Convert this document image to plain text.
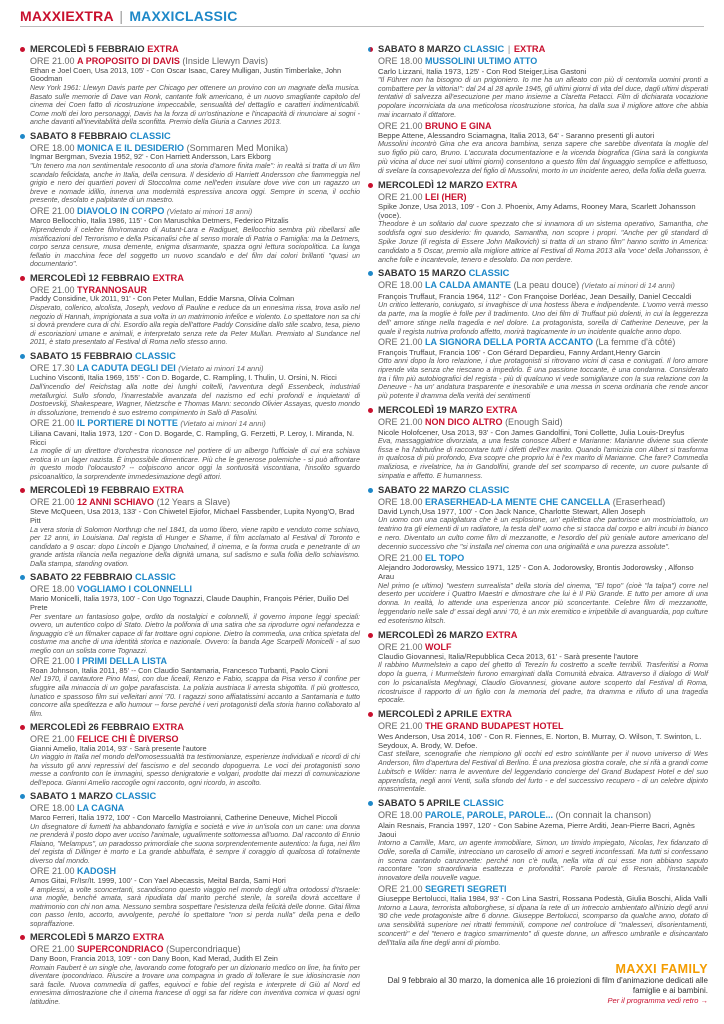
MAXXIEXTRA | MAXXICLASSIC
MERCOLEDÌ 5 FEBBRAIO EXTRA
ORE 21.00 A PROPOSITO DI DAVIS (Inside Llewyn Davis)
Ethan e Joel Coen, Usa 2013, 105' - Con Oscar Isaac, Carey Mulligan, Justin Timberlake, John Goodman
New York 1961: Llewyn Davis parte per Chicago per ottenere un provino con un magnate della musica. Basato sulle memorie di Dave van Ronk, cantante folk americano, è un nuovo smagliante capitolo del cinema dei Coen fatto di ricostruzione impeccabile, sensualità del dettaglio e caratteri indimenticabili. Come molti dei loro personaggi, Davis ha la forza di un'ostinazione e l'incapacità di rinunciare ai sogni - anche davanti all'inevitabilità della sconfitta. Premio della Giuria a Cannes 2013.
SABATO 8 FEBBRAIO CLASSIC
ORE 18.00 MONICA E IL DESIDERIO (Sommaren Med Monika)
Ingmar Bergman, Svezia 1952, 92' - Con Harriett Andersson, Lars Ekborg
"Un tenero ma non sentimentale resoconto di una storia d'amore finita male": in realtà si tratta di un film scandalo felicidata, anche in Italia, della censura. Il desiderio di Harriett Andersson che fiammeggia nel grigio e nero dei quartieri poveri di Stoccolma come nell'eden insulare dove vive con un ragazzo un breve e nomade idillio, innerva una modernità espressiva ancora oggi. Sempre in scena, il occhio presente, desolato e palpitante di un maestro.
ORE 21.00 DIAVOLO IN CORPO (Vietato ai minori 18 anni)
Marco Bellocchio, Italia 1986, 115' - Con Maruschka Detmers, Federico Pitzalis
Riprendendo il celebre film/romanzo di Autant-Lara e Radiguet, Bellocchio sembra più ribellarsi alle mistificazioni del Terrorismo e della Psicanalisi che al senso morale di Patria o Famiglia: ma la Detmers, corpo senza censure, musa demente, enigma disarmante, spazza ogni lettura sociopolitica. La lunga fellatio in macchina fece del soggetto un nuovo scandalo e del film dai colori brillanti "quasi un documentario".
MERCOLEDÌ 12 FEBBRAIO EXTRA
ORE 21.00 TYRANNOSAUR
Paddy Considine, Uk 2011, 91' - Con Peter Mullan, Eddie Marsna, Olivia Colman
Disperato, collerico, alcolista, Joseph, vedovo di Pauline e reduce da un ennesima rissa, trova asilo nel negozio di Hannah, imprigionata a sua volta in un matrimonio infelice e violento. Lo spettatore non sa chi si dovrà prendere cura di chi. Esordio alla regia dell'attore Paddy Considine dallo stile scabro, tesa, pieno di escoriazioni umane e animali, e interpretato senza rete da Peter Mullan. Premiato al Sundance nel 2011, è stato presentato al Festival di Roma nello stesso anno.
SABATO 15 FEBBRAIO CLASSIC
ORE 17.30 LA CADUTA DEGLI DEI (Vietato ai minori 14 anni)
Luchino Visconti, Italia 1969, 155' - Con D. Bogarde, C. Rampling, I. Thulin, U. Orsini, N. Ricci
Dall'incendio del Reichstag alla notte dei lunghi coltelli, l'avventura degli Essenbeck, industriali metallurgici. Sullo sfondo, l'inarrestabile avanzata del nazismo ed echi profondi e inquietanti di Dostoevskij, Shakespeare, Wagner, Nietzsche e Thomas Mann: secondo Olivier Assayas, questo mondo in dissoluzione, tremendo è suo estremo compimento in Salò di Pasolini.
ORE 21.00 IL PORTIERE DI NOTTE (Vietato ai minori 14 anni)
Liliana Cavani, Italia 1973, 120' - Con D. Bogarde, C. Rampling, G. Ferzetti, P. Leroy, I. Miranda, N. Ricci
La moglie di un direttore d'orchestra riconosce nel portiere di un albergo l'ufficiale di cui era schiava erotica in un lager nazista. È impossibile dimenticare. Più che le generose polemiche - si può affrontare in questo modo l'olocausto? -- colpiscono ancor oggi la sontuosità viscontiana, l'insolito sguardo psicoanalitico, la sorprendente immedesimazione degli attori.
MERCOLEDÌ 19 FEBBRAIO EXTRA
ORE 21.00 12 ANNI SCHIAVO (12 Years a Slave)
Steve McQueen, Usa 2013, 133' - Con Chiwetel Ejiofor, Michael Fassbender, Lupita Nyong'O, Brad Pitt
La vera storia di Solomon Northrup che nel 1841, da uomo libero, viene rapito e venduto come schiavo, per 12 anni, in Louisiana. Dal regista di Hunger e Shame, il film acclamato al Festival di Toronto e candidato a 9 oscar: dopo Lincoln e Django Unchained, il cinema, e la forma cruda e penetrante di un grande artista rilancia nella negazione della dignità umana, sul sadismo e sulla follia dello schiavismo. Dalla stampa, standing ovation.
SABATO 22 FEBBRAIO CLASSIC
ORE 18.00 VOGLIAMO I COLONNELLI
Mario Monicelli, Italia 1973, 100' - Con Ugo Tognazzi, Claude Dauphin, François Périer, Duilio Del Prete
Per sventare un fantasioso golpe, ordito da nostalgici e colonnelli, il governo impone leggi speciali: ovvero, un autentico colpo di Stato. Dietro la polifonia di una satira che sa riprodurre ogni nefandezza e linguaggio c'è un filmaker capace di far trottare ogni copione. Dietro la commedia, una critica spietata del costume ma anche di una identità storica e nazionale. Ovvero: la banda Age Scarpelli Monicelli - al suo meglio con un solista come Tognazzi.
ORE 21.00 I PRIMI DELLA LISTA
Roan Johnson, Italia 2011, 85' -- Con Claudio Santamaria, Francesco Turbanti, Paolo Cioni
Nel 1970, il cantautore Pino Masi, con due liceali, Renzo e Fabio, scappa da Pisa verso il confine per sfuggire alla minaccia di un golpe parafascista. La polizia austriaca li arresta sbigottita. Il più grottesco, lunatico e spassoso film sui velleitari anni '70. I ragazzi sono affiatatissimi accanto a Santamaria e tutto concorre alla speditezza e allo humour -- forse perché i veri protagonisti della storia hanno collaborato al film.
MERCOLEDÌ 26 FEBBRAIO EXTRA
ORE 21.00 FELICE CHI È DIVERSO
Gianni Amelio, Italia 2014, 93' - Sarà presente l'autore
Un viaggio in Italia nel mondo dell'omosessualità tra testimonianze, esperienze individuali e ricordi di chi ha vissuto gli anni repressivi del fascismo e del secondo dopoguerra. Le voci dei protagonisti sono messe a confronto con le immagini, spesso denigratorie e volgari, prodotte dai mezzi di comunicazione dell'epoca. Gianni Amelio raccoglie ogni racconto, ogni ricordo, in ascolto.
SABATO 1 MARZO CLASSIC
ORE 18.00 LA CAGNA
Marco Ferreri, Italia 1972, 100' - Con Marcello Mastroianni, Catherine Deneuve, Michel Piccoli
Un disegnatore di fumetti ha abbandonato famiglia e società e vive in un'isola con un cane: una donna ne prenderà il posto dopo aver ucciso l'animale, ugualimente sottomessa all'uomo. Dal racconto di Ennio Flaiano, "Melampus", un paradosso primordiale che suona sorprendentemente autentico: la fuga, nei film del regista di Dillinger è morto e La grande abbuffata, è sempre il coraggio di qualcosa di totalmente diverso dal mondo.
ORE 21.00 KADOSH
Amos Gitai, Fr/Isr/It. 1999, 100' - Con Yael Abecassis, Meital Barda, Sami Hori
4 amplessi, a volte sconcertanti, scandiscono questo viaggio nel mondo degli ultra ortodossi d'Israele: una moglie, benché amata, sarà ripudiata dal marito perché sterile, la sorella dovrà accettare il matrimonio con chi non ama. Nessuno sembra sospettare l'esistenza della felicità delle donne. Gitai filma con passo lento, accorto, avvolgente, perché lo spettatore "non si perda nulla" della pena e dello sopraffazione.
MERCOLEDÌ 5 MARZO EXTRA
ORE 21.00 SUPERCONDRIACO (Supercondriaque)
Dany Boon, Francia 2013, 109' - con Dany Boon, Kad Merad, Judith El Zein
Romain Faubert è un single che, lavorando come fotografo per un dizionario medico on line, ha finito per diventare ipocondriaco. Riuscire a trovare una compagna in grado di tollerare le sue idiosincrasie non sarà facile. Nuova commedia di gaffes, equivoci e fobie del regista e interprete di Giù al Nord ed ennesima dimostrazione che il cinema francese di oggi sa far ridere con inventiva comica vi quasi ogni latitudine.
SABATO 8 MARZO CLASSIC | EXTRA
ORE 18.00 MUSSOLINI ULTIMO ATTO
Carlo Lizzani, Italia 1973, 125' - Con Rod Steiger,Lisa Gastoni
"Il Führer non ha bisogno di un prigioniero. Io me ha un alleato con più di centomila uomini pronti a combattere per la vittoria!": dal 24 al 28 aprile 1945, gli ultimi giorni di vita del duce, dagli ultimi disperati tentativi di salvezza all'esecuzione per mano insieme a Claretta Petacci. Film di dichiarata vocazione popolare incorniciata da una meticolosa ricostruzione storica, ha dalla sua il migliore attore che abbia mai incarnato il dittatore.
ORE 21.00 BRUNO E GINA
Beppe Attene, Alessandro Sciamagna, Italia 2013, 64' - Saranno presenti gli autori
Mussolini incontrò Gina che era ancora bambina, senza sapere che sarebbe diventata la moglie del suo figlio più caro, Bruno. L'accurata documentazione e la vicenda biografica (Gina sarà la congiunta più vicina al duce nei suoi ultimi giorni) consentono a questo film dal linguaggio semplice e affettuoso, di svelare la consapevolezza del figlio di Mussolini, morto in un incidente aereo, della follia della guerra.
MERCOLEDÌ 12 MARZO EXTRA
ORE 21.00 LEI (HER)
Spike Jonze, Usa 2013, 109' - Con J. Phoenix, Amy Adams, Rooney Mara, Scarlett Johansson (voce).
Theodore è un solitario dal cuore spezzato che si innamora di un sistema operativo, Samantha, che soddisfa ogni suo desiderio: fin quando, Samantha, non scopre i propri. "Anche per gli standard di Spike Jonze (il regista di Essere John Malkovich) si tratta di un strano film" hanno scritto in America: candidato a 5 Oscar, premio alla migliore attrice al Festival di Roma 2013 alla 'voce' della Johansson, è anche folle e incantevole, tenero e desolato. Da non perdere.
SABATO 15 MARZO CLASSIC
ORE 18.00 LA CALDA AMANTE (La peau douce) (Vietato ai minori di 14 anni)
François Truffaut, Francia 1964, 112' - Con Françoise Dorléac, Jean Desailly, Daniel Ceccaldi
Un critico letterario, coniugato, si invaghisce di una hostess libera e indipendente. L'uomo verrà messo da parte, ma la moglie è folle per il tradimento. Uno dei film di Truffaut più dolenti, in cui la leggerezza dell' amore stinge nella tragedia e nel dolore. La protagonista, sorella di Catherine Deneuve, per la quale il regista nutriva profondo affetto, morirà tragicamente in un incidente qualche anno dopo.
ORE 21.00 LA SIGNORA DELLA PORTA ACCANTO (La femme d'à côté)
François Truffaut, Francia 106' - Con Gérard Depardieu, Fanny Ardant,Henry Garcin
Otto anni dopo la loro relazione, i due protagonisti si ritrovano vicini di casa e coniugati. Il loro amore riprende vita senza che riescano a impedirlo. È una passione toccante, è una condanna. Considerato tra i film più autobiografici del regista - più di qualcuno vi vede somiglianze con la sua relazione con la Deneuve - ha un' andatura trasparente e inesorabile e una messa in scena ordinaria che rende ancor più potente il dramma della verità dei sentimenti
MERCOLEDÌ 19 MARZO EXTRA
ORE 21.00 NON DICO ALTRO (Enough Said)
Nicole Holofcener, Usa 2013, 93' - Con James Gandolfini, Toni Collette, Julia Louis-Dreyfus
Eva, massaggiatrice divorziata, a una festa conosce Albert e Marianne: Marianne diviene sua cliente fissa e ha l'abitudine di raccontare tutti i difetti dell'ex marito. Quando l'amicizia con Albert si trasforma in qualcosa di più profondo, Eva scopre che proprio lui è l'ex marito di Marianne. Che fare? Commedia maliziosa, e rivelatrice, ha in Gandolfini, grande del set scomparso di recente, un cuore pulsante di simpatia e affetto. E humanness.
SABATO 22 MARZO CLASSIC
ORE 18.00 ERASERHEAD-LA MENTE CHE CANCELLA (Eraserhead)
David Lynch,Usa 1977, 100' - Con Jack Nance, Charlotte Stewart, Allen Joseph
Un uomo con una capigliatura che è un esplosione, un' epilettica che partorisce un mostriciattolo, un teatrino tra gli elementi di un radiatore, la testa dell' uomo che si stacca dal corpo e altri incubi in bianco e nero. Diventato un culto come film di mezzanotte, e l'esordio del più geniale autore americano del decennio successivo che "si installa nel cinema con una originalità e una purezza assolute".
ORE 21.00 EL TOPO
Alejandro Jodorowsky, Messico 1971, 125' - Con A. Jodorowsky, Brontis Jodorowsky , Alfonso Arau
Nel primo (e ultimo) "western surrealista" della storia del cinema, "El topo" (cioè "la talpa") corre nel deserto per uccidere i Quattro Maestri e dimostrare che lui è Il Più Grande. E tutto per amore di una donna. In realtà, lo attende una esperienza ancor più sconcertante. Celebre film di mezzanotte, leggendario nelle sale d' essai degli anni '70, è un mix eremitico e irripetibile di avanguardia, pop culture ed esoterismo kitsch.
MERCOLEDÌ 26 MARZO EXTRA
ORE 21.00 WOLF
Claudio Giovannesi, Italia/Repubblica Ceca 2013, 61' - Sarà presente l'autore
Il rabbino Murmelstein a capo del ghetto di Terezín fu costretto a scelte terribili. Trasferitisi a Roma dopo la guerra, i Murmelstein furono emarginati dalla Comunità ebraica. Attraverso il dialogo di Wolf con lo psicanalista Meghnagi, Claudio Giovannesi, giovane autore scoperto dal Festival di Roma, ricostruisce il rapporto di un figlio con la memoria del padre, tra dramma e rifiuto di una tragedia epocale.
MERCOLEDÌ 2 APRILE EXTRA
ORE 21.00 THE GRAND BUDAPEST HOTEL
Wes Anderson, Usa 2014, 106' - Con R. Fiennes, E. Norton, B. Murray, O. Wilson, T. Swinton, L. Seydoux, A. Brody, W. Defoe.
Cast stellare, scenografie che riempiono gli occhi ed estro scintillante per il nuovo universo di Wes Anderson, film d'apertura del Festival di Berlino. È una preziosa giostra corale, che si rifà a grandi come Lubitsch e Wilder: narra le avventure del leggendario concierge del Grand Budapest Hotel e del suo apprendista, negli anni Venti, sulla sfondo del furto - e del successivo recupero - di un celebre dipinto rinascimentale.
SABATO 5 APRILE CLASSIC
ORE 18.00 PAROLE, PAROLE, PAROLE... (On connait la chanson)
Alain Resnais, Francia 1997, 120' - Con Sabine Azema, Pierre Arditi, Jean-Pierre Bacri, Agnès Jaoui
Intorno a Camille, Marc, un agente immobiliare, Simon, un timido impiegato, Nicolas, l'ex fidanzato di Odile, sorella di Camille, intrecciano un carosello di amori e segreti inconfessati. Ma tutti si confessano in scena cantando canzonette: perché non c'è nulla, nella vita di cui esse non abbiano saputo raccontare "con straordinaria esattezza e profondità". Parole parole di Resnais, l'instancabile innovatore della nouvelle vague.
ORE 21.00 SEGRETI SEGRETI
Giuseppe Bertolucci, Italia 1984, 93' - Con Lina Sastri, Rossana Podestà, Giulia Boschi, Alida Valli
Intorno a Laura, terrorista altoborghese, si dipana la rete di un intreccio ambientato all'inizio degli anni '80 che vede protagoniste altre 6 donne. Giuseppe Bertolucci, scomparso da qualche anno, dotato di una sensibilità superiore nei ritratti femminili, compone nel controluce di "malesseri, disorientamenti, sconcerti" e del "tenero e tragico smarrimento" di queste donne, un affresco umbratile e disincantato dell'Italia alla fine degli anni di piombo.
MAXXI FAMILY
Dal 9 febbraio al 30 marzo, la domenica alle 16 proiezioni di film d'animazione dedicati alle famiglie e ai bambini.
Per il programma vedi retro →
